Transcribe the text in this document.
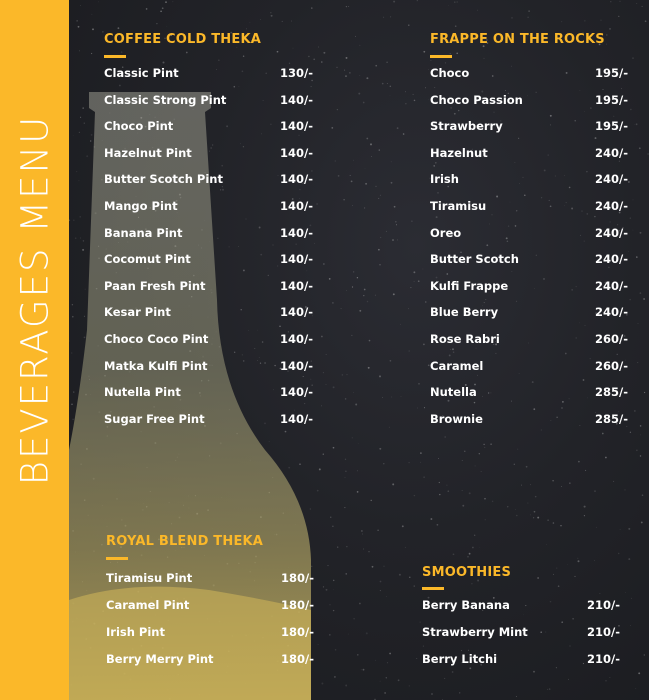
BEVERAGES MENU
COFFEE COLD THEKA
Classic Pint	130/-
Classic Strong Pint	140/-
Choco Pint	140/-
Hazelnut Pint	140/-
Butter Scotch Pint	140/-
Mango Pint	140/-
Banana Pint	140/-
Cocomut Pint	140/-
Paan Fresh Pint	140/-
Kesar Pint	140/-
Choco Coco Pint	140/-
Matka Kulfi Pint	140/-
Nutella Pint	140/-
Sugar Free Pint	140/-
FRAPPE ON THE ROCKS
Choco	195/-
Choco Passion	195/-
Strawberry	195/-
Hazelnut	240/-
Irish	240/-
Tiramisu	240/-
Oreo	240/-
Butter Scotch	240/-
Kulfi Frappe	240/-
Blue Berry	240/-
Rose Rabri	260/-
Caramel	260/-
Nutella	285/-
Brownie	285/-
ROYAL BLEND THEKA
Tiramisu Pint	180/-
Caramel Pint	180/-
Irish Pint	180/-
Berry Merry Pint	180/-
SMOOTHIES
Berry Banana	210/-
Strawberry Mint	210/-
Berry Litchi	210/-
